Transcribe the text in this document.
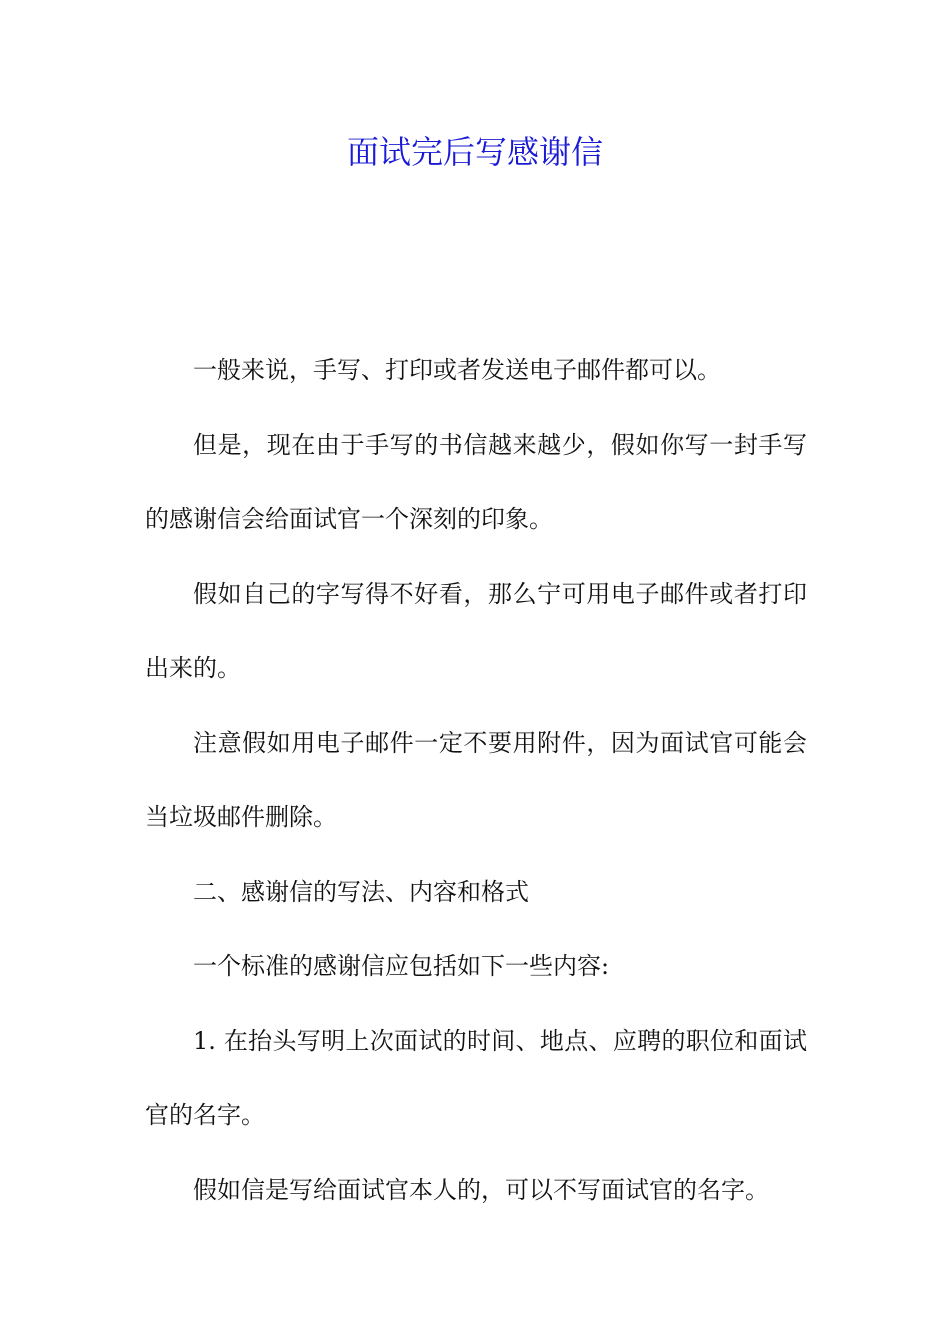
面试完后写感谢信

一般来说，手写、打印或者发送电子邮件都可以。

但是，现在由于手写的书信越来越少，假如你写一封手写的感谢信会给面试官一个深刻的印象。

假如自己的字写得不好看，那么宁可用电子邮件或者打印出来的。

注意假如用电子邮件一定不要用附件，因为面试官可能会当垃圾邮件删除。

二、感谢信的写法、内容和格式

一个标准的感谢信应包括如下一些内容:

1. 在抬头写明上次面试的时间、地点、应聘的职位和面试官的名字。

假如信是写给面试官本人的，可以不写面试官的名字。
